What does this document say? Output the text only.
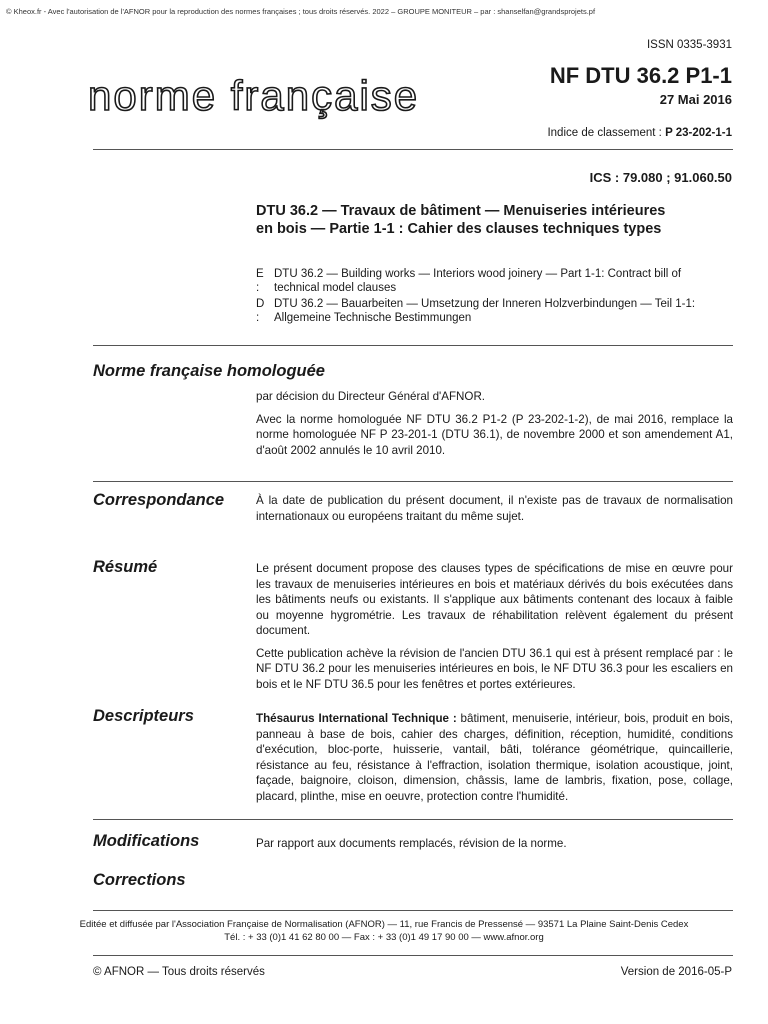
© Kheox.fr - Avec l'autorisation de l'AFNOR pour la reproduction des normes françaises ; tous droits réservés. 2022 – GROUPE MONITEUR – par : shanselfan@grandsprojets.pf
ISSN 0335-3931
norme française	NF DTU 36.2 P1-1
27 Mai 2016
Indice de classement : P 23-202-1-1
ICS : 79.080 ; 91.060.50
DTU 36.2 — Travaux de bâtiment — Menuiseries intérieures
en bois — Partie 1-1 : Cahier des clauses techniques types
E :
DTU 36.2 — Building works — Interiors wood joinery — Part 1-1: Contract bill of technical model clauses
D :
DTU 36.2 — Bauarbeiten — Umsetzung der Inneren Holzverbindungen — Teil 1-1: Allgemeine Technische Bestimmungen
Norme française homologuée

par décision du Directeur Général d'AFNOR.

Avec la norme homologuée NF DTU 36.2 P1-2 (P 23-202-1-2), de mai 2016, remplace la norme homologuée NF P 23-201-1 (DTU 36.1), de novembre 2000 et son amendement A1, d'août 2002 annulés le 10 avril 2010.

Correspondance	À la date de publication du présent document, il n'existe pas de travaux de normalisation internationaux ou européens traitant du même sujet.

Résumé	Le présent document propose des clauses types de spécifications de mise en œuvre pour les travaux de menuiseries intérieures en bois et matériaux dérivés du bois exécutées dans les bâtiments neufs ou existants. Il s'applique aux bâtiments contenant des locaux à faible ou moyenne hygrométrie. Les travaux de réhabilitation relèvent également du présent document.

Cette publication achève la révision de l'ancien DTU 36.1 qui est à présent remplacé par : le NF DTU 36.2 pour les menuiseries intérieures en bois, le NF DTU 36.3 pour les escaliers en bois et le NF DTU 36.5 pour les fenêtres et portes extérieures.

Descripteurs	Thésaurus International Technique : bâtiment, menuiserie, intérieur, bois, produit en bois, panneau à base de bois, cahier des charges, définition, réception, humidité, conditions d'exécution, bloc-porte, huisserie, vantail, bâti, tolérance géométrique, quincaillerie, résistance au feu, résistance à l'effraction, isolation thermique, isolation acoustique, joint, façade, baignoire, cloison, dimension, châssis, lame de lambris, fixation, pose, collage, placard, plinthe, mise en oeuvre, protection contre l'humidité.

Modifications	Par rapport aux documents remplacés, révision de la norme.

Corrections
Editée et diffusée par l'Association Française de Normalisation (AFNOR) — 11, rue Francis de Pressensé — 93571 La Plaine Saint-Denis Cedex
Tél. : + 33 (0)1 41 62 80 00 — Fax : + 33 (0)1 49 17 90 00 — www.afnor.org
© AFNOR — Tous droits réservés	Version de 2016-05-P
